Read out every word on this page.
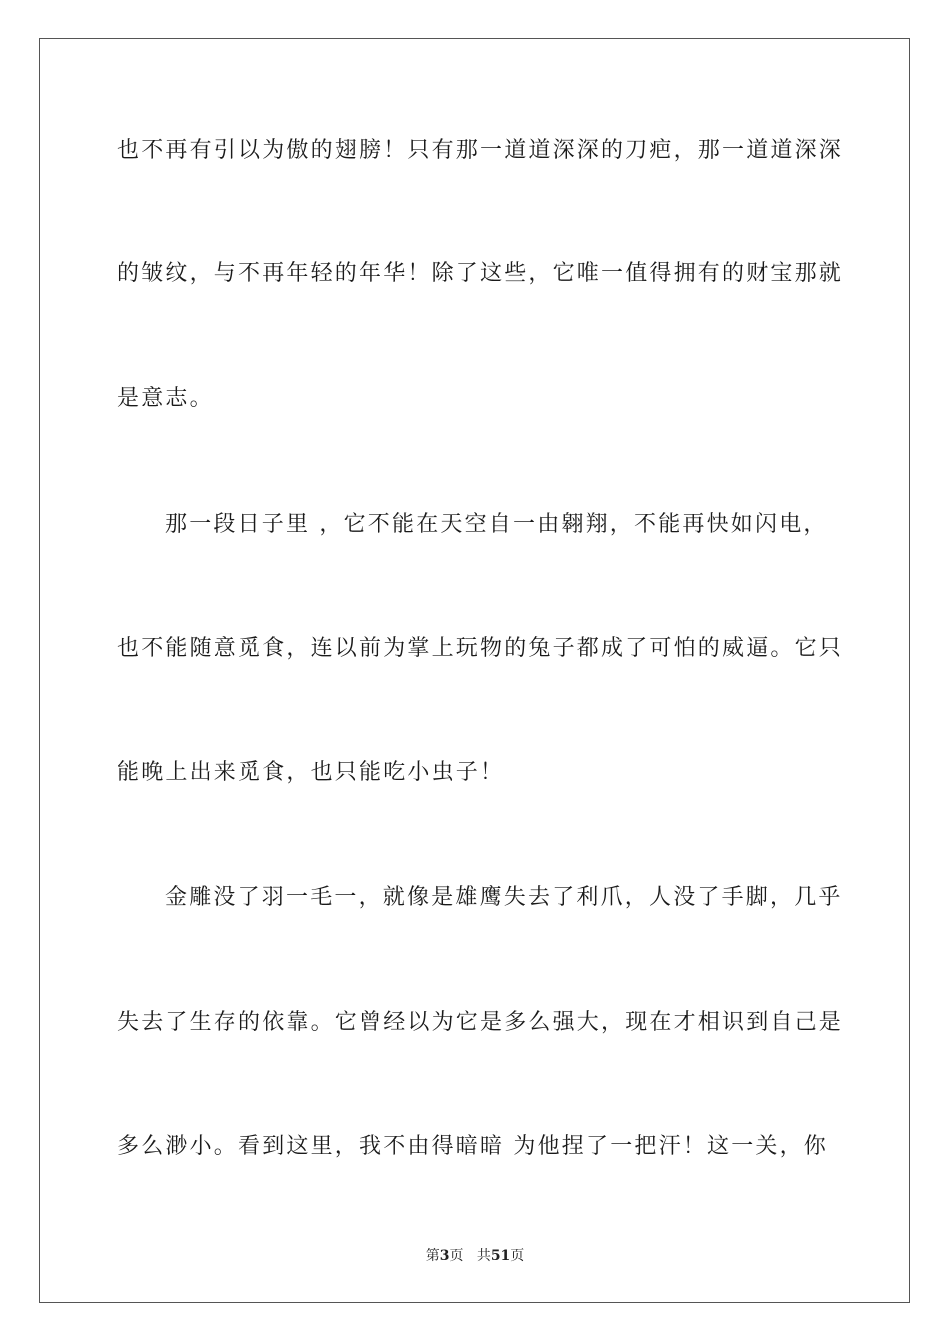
也不再有引以为傲的翅膀！只有那一道道深深的刀疤，那一道道深深
的皱纹，与不再年轻的年华！除了这些，它唯一值得拥有的财宝那就
是意志。
那一段日子里 ，它不能在天空自一由翱翔，不能再快如闪电，
也不能随意觅食，连以前为掌上玩物的兔子都成了可怕的威逼。它只
能晚上出来觅食，也只能吃小虫子！
金雕没了羽一毛一，就像是雄鹰失去了利爪，人没了手脚，几乎
失去了生存的依靠。它曾经以为它是多么强大，现在才相识到自己是
多么渺小。看到这里，我不由得暗暗 为他捏了一把汗！这一关，你
第3页 共51页
